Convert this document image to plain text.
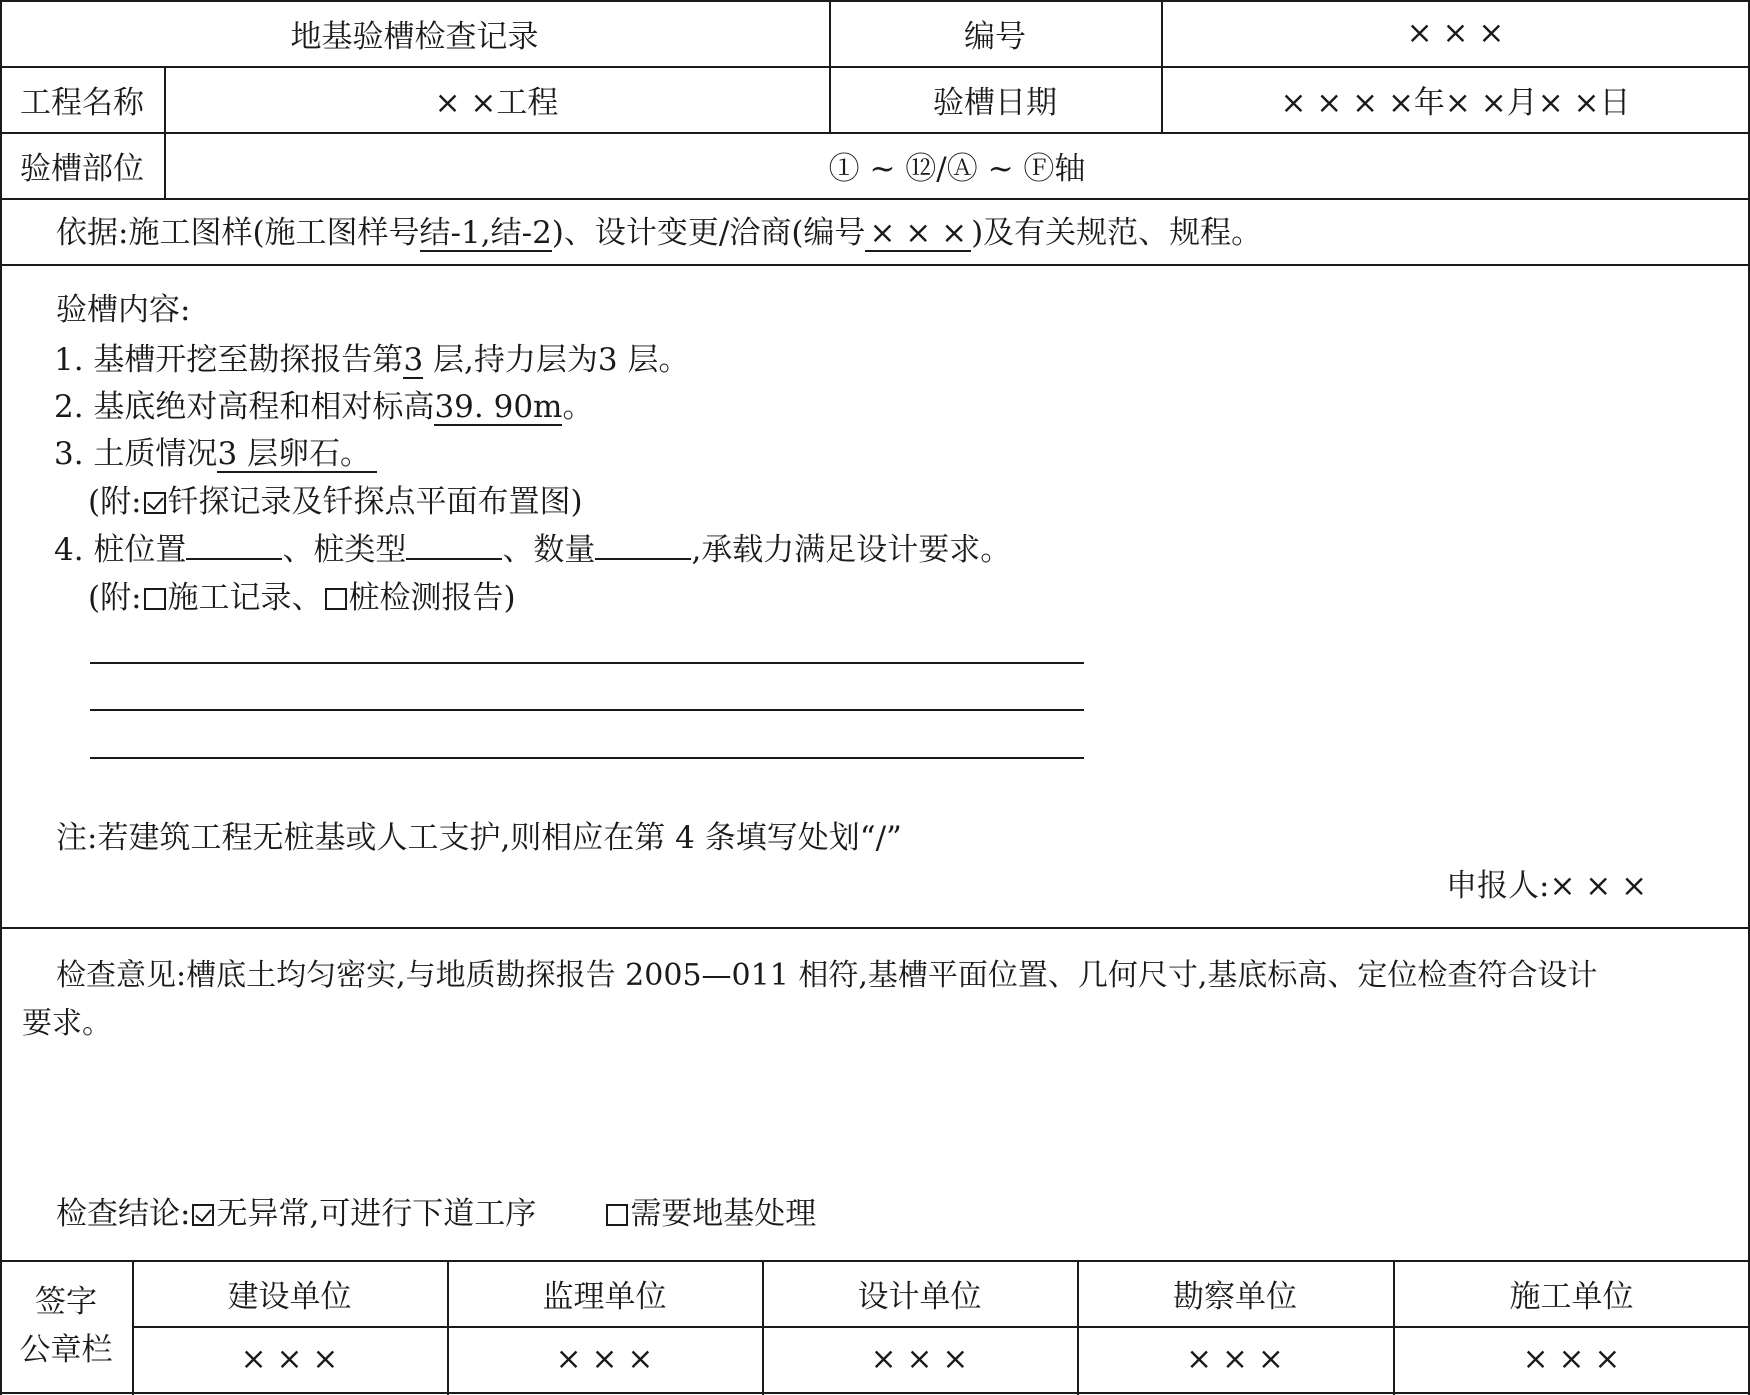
地基验槽检查记录	编号	× × ×
工程名称	× ×工程	验槽日期	× × × ×年× ×月× ×日
验槽部位	① ~ ⑫/Ⓐ ~ Ⓕ轴
依据:施工图样(施工图样号结-1,结-2)、设计变更/洽商(编号 × × × )及有关规范、规程。
验槽内容:
1. 基槽开挖至勘探报告第3 层,持力层为3 层。
2. 基底绝对高程和相对标高39. 90m。
3. 土质情况3 层卵石。
(附: 钎探记录及钎探点平面布置图)
4. 桩位置	、桩类型	、数量	,承载力满足设计要求。
(附: 施工记录、 桩检测报告)
注:若建筑工程无桩基或人工支护,则相应在第 4 条填写处划“/”
申报人:× × ×
检查意见:槽底土均匀密实,与地质勘探报告 2005—011 相符,基槽平面位置、几何尺寸,基底标高、定位检查符合设计
要求。
检查结论: 无异常,可进行下道工序	需要地基处理
签字
公章栏
建设单位	监理单位	设计单位	勘察单位	施工单位
× × ×	× × ×	× × ×	× × ×	× × ×
